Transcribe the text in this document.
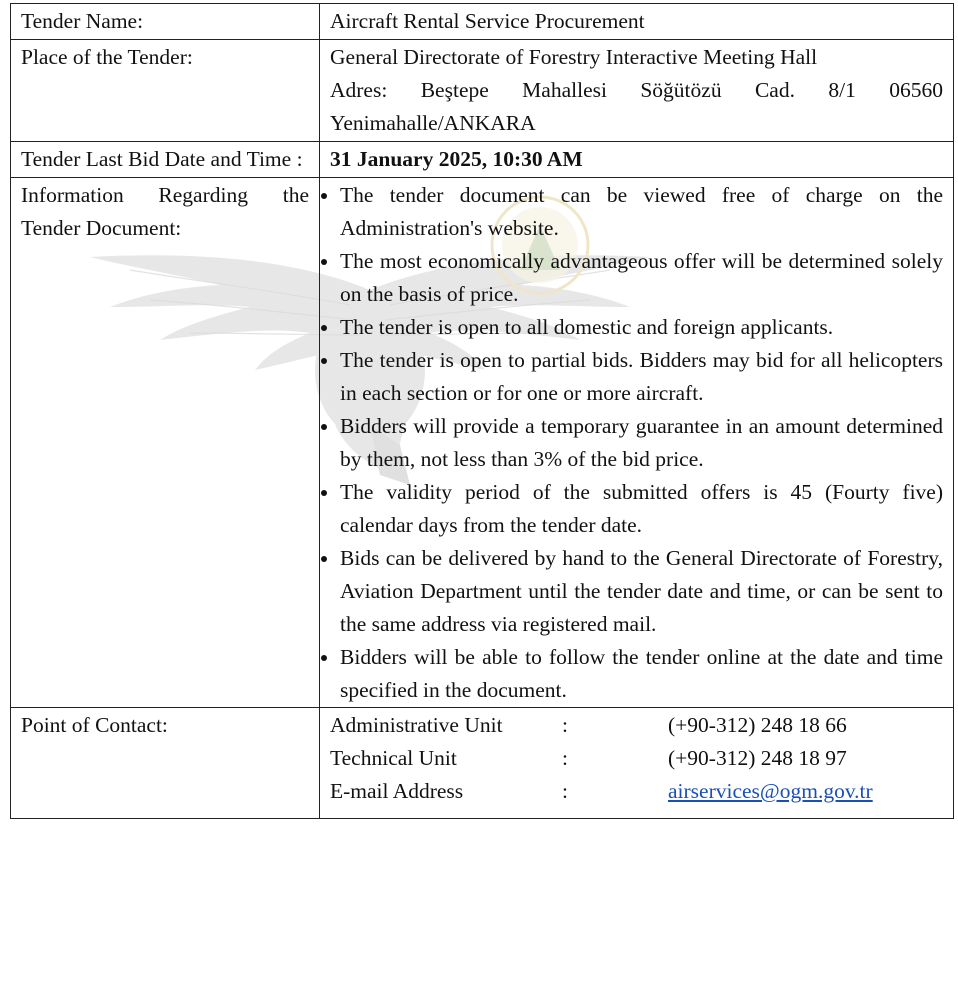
Tender Name:	Aircraft Rental Service Procurement
Place of the Tender:	General Directorate of Forestry Interactive Meeting Hall
Adres: Beştepe Mahallesi Söğütözü Cad. 8/1 06560 Yenimahalle/ANKARA

Tender Last Bid Date and Time :	31 January 2025, 10:30 AM
Information Regarding the Tender Document:	
• The tender document can be viewed free of charge on the Administration's website.
• The most economically advantageous offer will be determined solely on the basis of price.
• The tender is open to all domestic and foreign applicants.
• The tender is open to partial bids. Bidders may bid for all helicopters in each section or for one or more aircraft.
• Bidders will provide a temporary guarantee in an amount determined by them, not less than 3% of the bid price.
• The validity period of the submitted offers is 45 (Fourty five) calendar days from the tender date.
• Bids can be delivered by hand to the General Directorate of Forestry, Aviation Department until the tender date and time, or can be sent to the same address via registered mail.
• Bidders will be able to follow the tender online at the date and time specified in the document.

Point of Contact:		Administrative Unit	:	(+90-312) 248 18 66
Technical Unit	:	(+90-312) 248 18 97
E-mail Address	:	airservices@ogm.gov.tr
